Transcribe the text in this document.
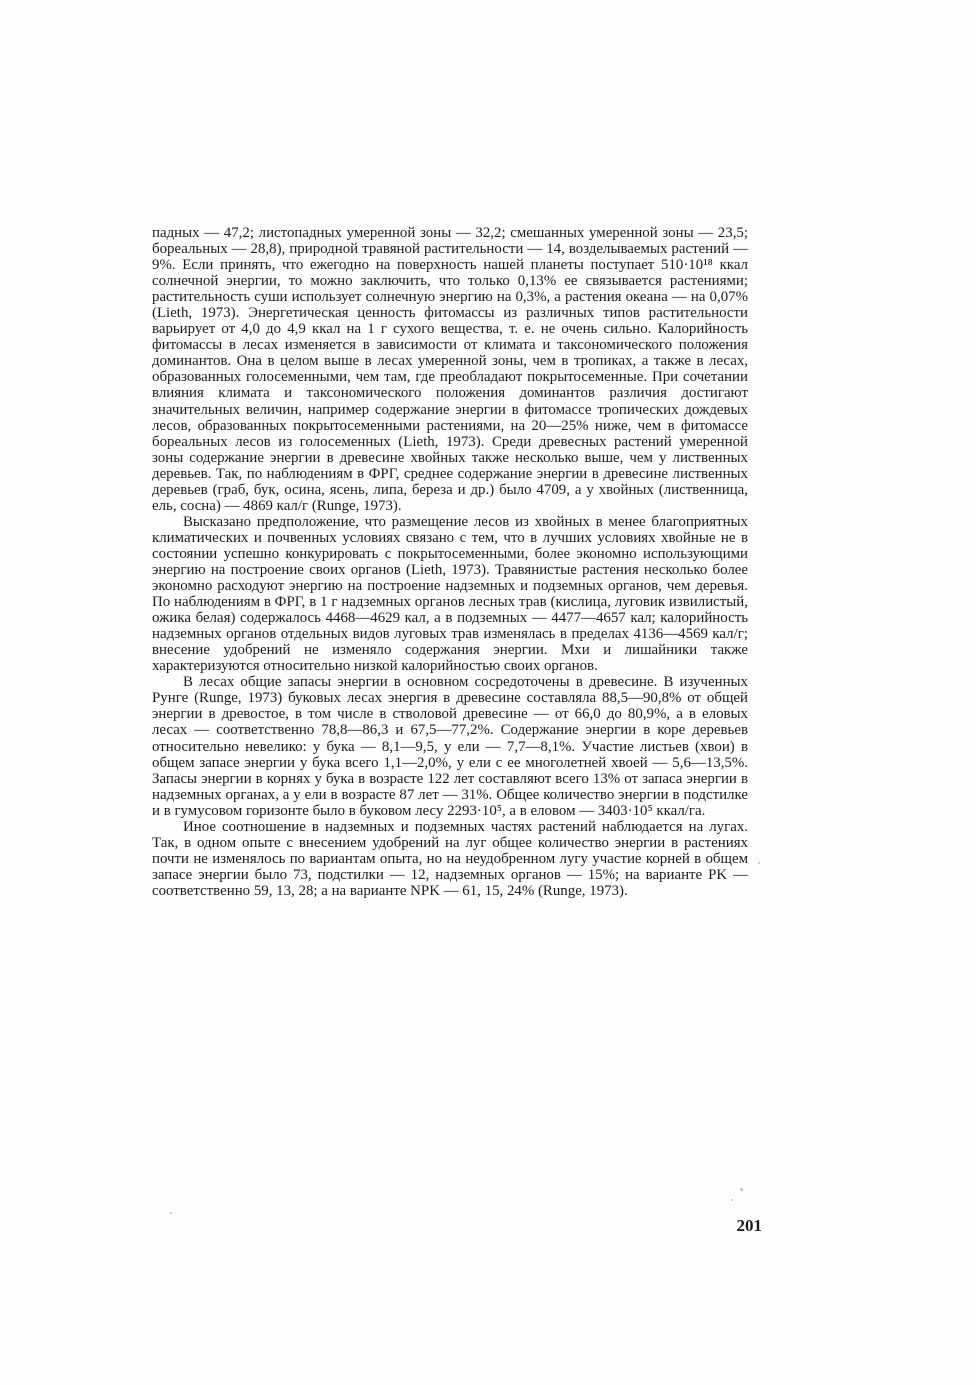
падных — 47,2; листопадных умеренной зоны — 32,2; смешанных умеренной зоны — 23,5; бореальных — 28,8), природной травяной растительности — 14, возделываемых растений — 9%. Если принять, что ежегодно на поверхность нашей планеты поступает 510·10¹⁸ ккал солнечной энергии, то можно заключить, что только 0,13% ее связывается растениями; растительность суши использует солнечную энергию на 0,3%, а растения океана — на 0,07% (Lieth, 1973). Энергетическая ценность фитомассы из различных типов растительности варьирует от 4,0 до 4,9 ккал на 1 г сухого вещества, т. е. не очень сильно. Калорийность фитомассы в лесах изменяется в зависимости от климата и таксономического положения доминантов. Она в целом выше в лесах умеренной зоны, чем в тропиках, а также в лесах, образованных голосеменными, чем там, где преобладают покрытосеменные. При сочетании влияния климата и таксономического положения доминантов различия достигают значительных величин, например содержание энергии в фитомассе тропических дождевых лесов, образованных покрытосеменными растениями, на 20—25% ниже, чем в фитомассе бореальных лесов из голосеменных (Lieth, 1973). Среди древесных растений умеренной зоны содержание энергии в древесине хвойных также несколько выше, чем у лиственных деревьев. Так, по наблюдениям в ФРГ, среднее содержание энергии в древесине лиственных деревьев (граб, бук, осина, ясень, липа, береза и др.) было 4709, а у хвойных (лиственница, ель, сосна) — 4869 кал/г (Runge, 1973).

Высказано предположение, что размещение лесов из хвойных в менее благоприятных климатических и почвенных условиях связано с тем, что в лучших условиях хвойные не в состоянии успешно конкурировать с покрытосеменными, более экономно использующими энергию на построение своих органов (Lieth, 1973). Травянистые растения несколько более экономно расходуют энергию на построение надземных и подземных органов, чем деревья. По наблюдениям в ФРГ, в 1 г надземных органов лесных трав (кислица, луговик извилистый, ожика белая) содержалось 4468—4629 кал, а в подземных — 4477—4657 кал; калорийность надземных органов отдельных видов луговых трав изменялась в пределах 4136—4569 кал/г; внесение удобрений не изменяло содержания энергии. Мхи и лишайники также характеризуются относительно низкой калорийностью своих органов.

В лесах общие запасы энергии в основном сосредоточены в древесине. В изученных Рунге (Runge, 1973) буковых лесах энергия в древесине составляла 88,5—90,8% от общей энергии в древостое, в том числе в стволовой древесине — от 66,0 до 80,9%, а в еловых лесах — соответственно 78,8—86,3 и 67,5—77,2%. Содержание энергии в коре деревьев относительно невелико: у бука — 8,1—9,5, у ели — 7,7—8,1%. Участие листьев (хвои) в общем запасе энергии у бука всего 1,1—2,0%, у ели с ее многолетней хвоей — 5,6—13,5%. Запасы энергии в корнях у бука в возрасте 122 лет составляют всего 13% от запаса энергии в надземных органах, а у ели в возрасте 87 лет — 31%. Общее количество энергии в подстилке и в гумусовом горизонте было в буковом лесу 2293·10⁵, а в еловом — 3403·10⁵ ккал/га.

Иное соотношение в надземных и подземных частях растений наблюдается на лугах. Так, в одном опыте с внесением удобрений на луг общее количество энергии в растениях почти не изменялось по вариантам опыта, но на неудобренном лугу участие корней в общем запасе энергии было 73, подстилки — 12, надземных органов — 15%; на варианте PK — соответственно 59, 13, 28; а на варианте NPK — 61, 15, 24% (Runge, 1973).

201
